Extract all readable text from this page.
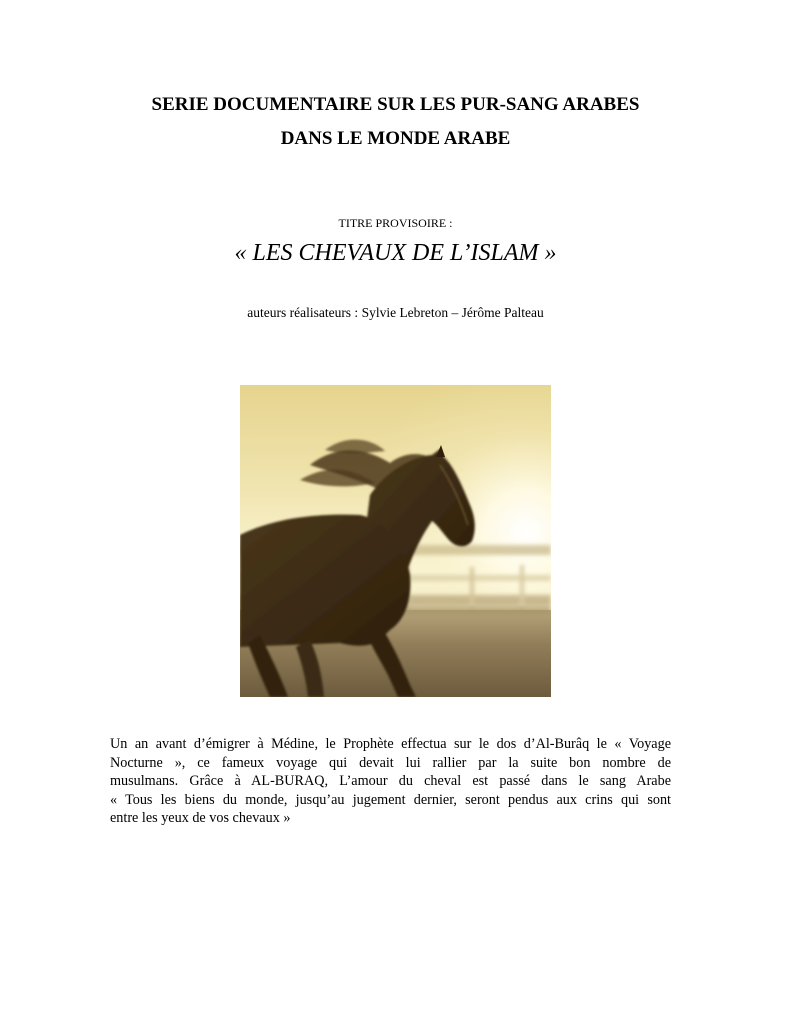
SERIE DOCUMENTAIRE SUR LES PUR-SANG ARABES
DANS LE MONDE ARABE
TITRE PROVISOIRE :
« LES CHEVAUX DE L’ISLAM »
auteurs réalisateurs : Sylvie Lebreton – Jérôme Palteau
Un an avant d’émigrer à Médine, le Prophète effectua sur le dos d’Al-Burâq le « Voyage
Nocturne », ce fameux voyage qui devait lui rallier par la suite bon nombre de
musulmans. Grâce à AL-BURAQ, L’amour du cheval est passé dans le sang Arabe
« Tous les biens du monde, jusqu’au jugement dernier, seront pendus aux crins qui sont
entre les yeux de vos chevaux »
